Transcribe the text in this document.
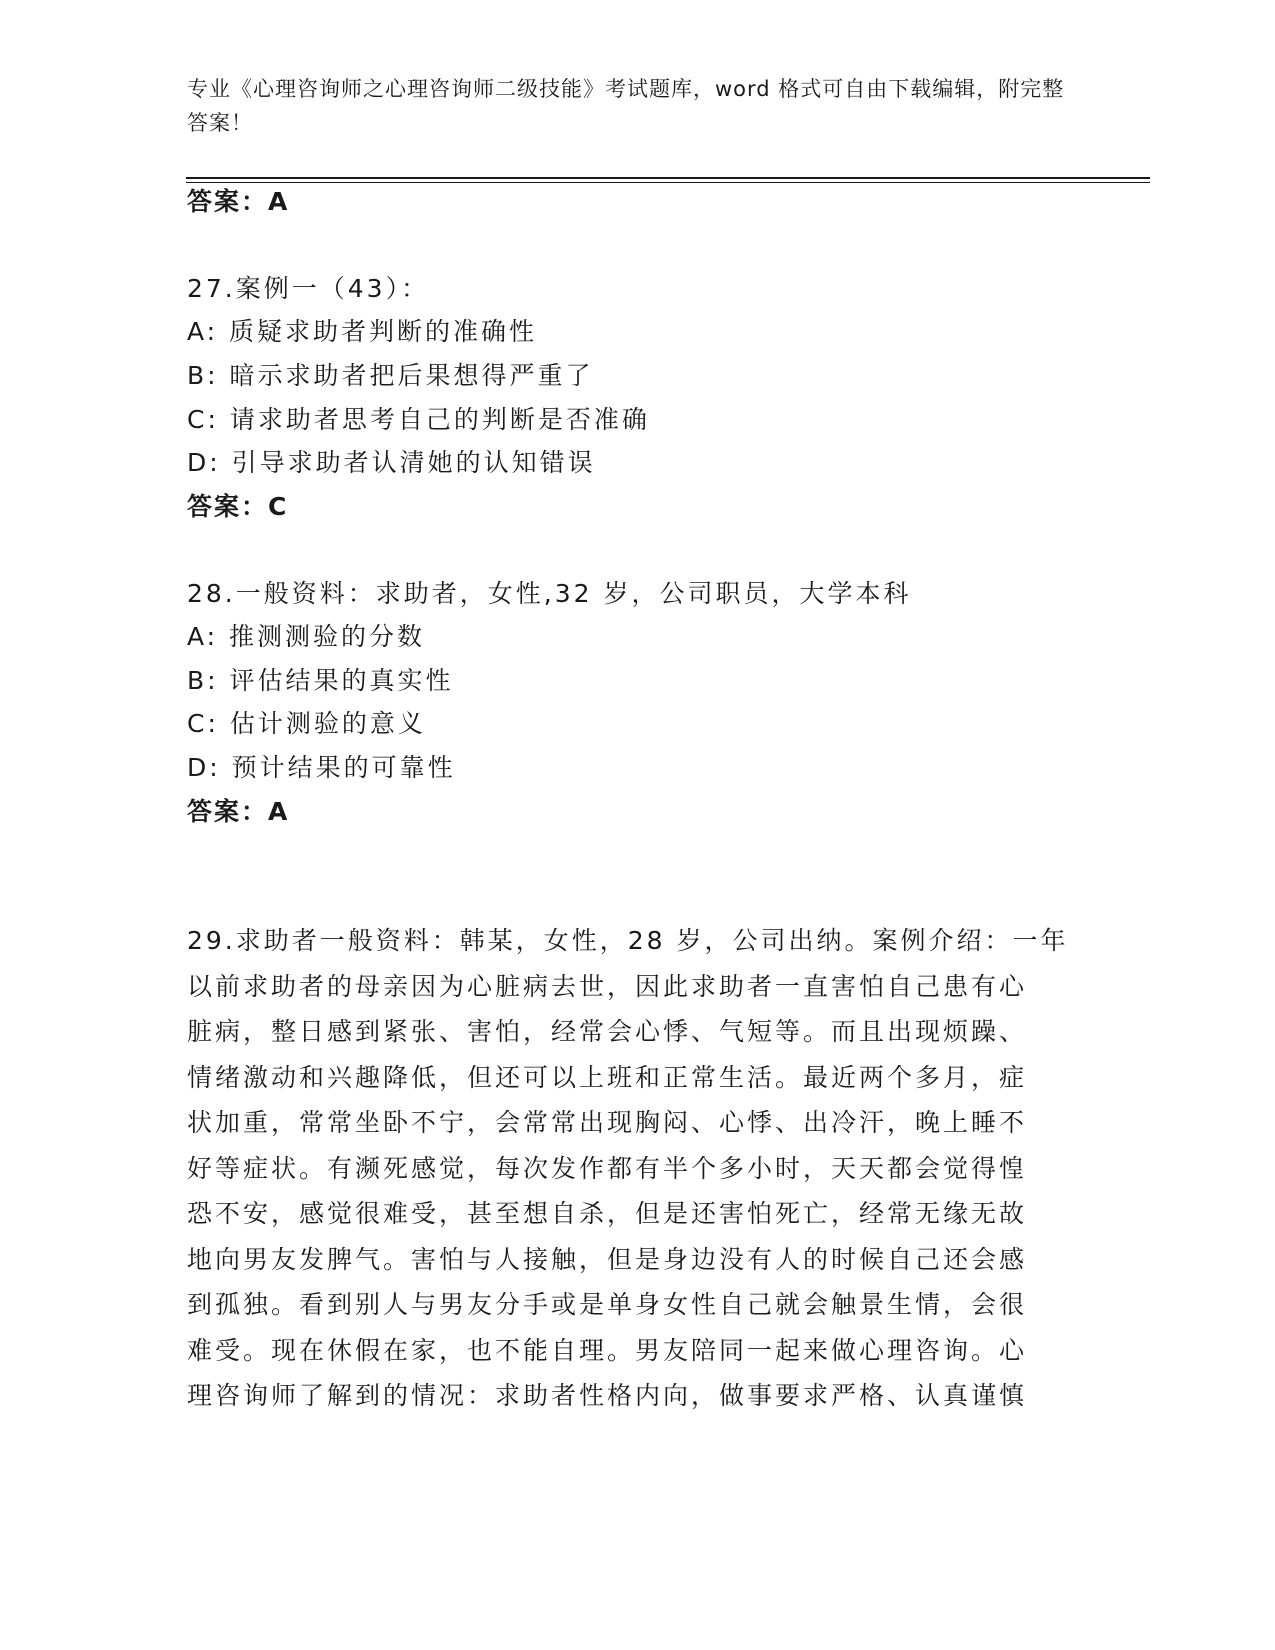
专业《心理咨询师之心理咨询师二级技能》考试题库，word 格式可自由下载编辑，附完整答案！

答案：A

27.案例一（43）：

A: 质疑求助者判断的准确性

B: 暗示求助者把后果想得严重了

C: 请求助者思考自己的判断是否准确

D: 引导求助者认清她的认知错误

答案：C

28.一般资料：求助者，女性,32 岁，公司职员，大学本科

A: 推测测验的分数

B: 评估结果的真实性

C: 估计测验的意义

D: 预计结果的可靠性

答案：A

29.求助者一般资料：韩某，女性，28 岁，公司出纳。案例介绍：一年
以前求助者的母亲因为心脏病去世，因此求助者一直害怕自己患有心
脏病，整日感到紧张、害怕，经常会心悸、气短等。而且出现烦躁、
情绪激动和兴趣降低，但还可以上班和正常生活。最近两个多月，症
状加重，常常坐卧不宁，会常常出现胸闷、心悸、出冷汗，晚上睡不
好等症状。有濒死感觉，每次发作都有半个多小时，天天都会觉得惶
恐不安，感觉很难受，甚至想自杀，但是还害怕死亡，经常无缘无故
地向男友发脾气。害怕与人接触，但是身边没有人的时候自己还会感
到孤独。看到别人与男友分手或是单身女性自己就会触景生情，会很
难受。现在休假在家，也不能自理。男友陪同一起来做心理咨询。心
理咨询师了解到的情况：求助者性格内向，做事要求严格、认真谨慎
